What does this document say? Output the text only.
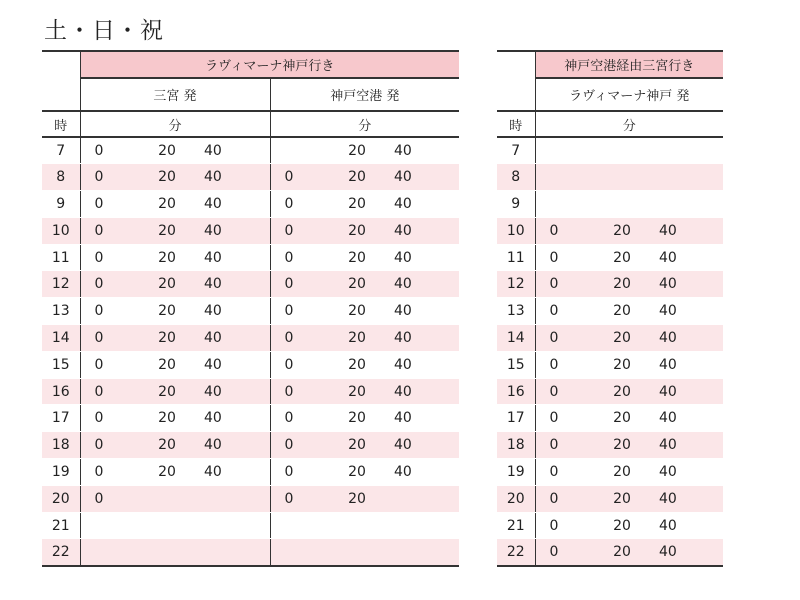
土・日・祝
	ラヴィマーナ神戸行き					
	三宮 発			神戸空港 発		
時	分			分		
7	0	20	40		20	40
8	0	20	40	0	20	40
9	0	20	40	0	20	40
10	0	20	40	0	20	40
11	0	20	40	0	20	40
12	0	20	40	0	20	40
13	0	20	40	0	20	40
14	0	20	40	0	20	40
15	0	20	40	0	20	40
16	0	20	40	0	20	40
17	0	20	40	0	20	40
18	0	20	40	0	20	40
19	0	20	40	0	20	40
20	0			0	20	
21						
22						
	神戸空港経由三宮行き		
	ラヴィマーナ神戸 発		
時	分		
7			
8			
9			
10	0	20	40
11	0	20	40
12	0	20	40
13	0	20	40
14	0	20	40
15	0	20	40
16	0	20	40
17	0	20	40
18	0	20	40
19	0	20	40
20	0	20	40
21	0	20	40
22	0	20	40
